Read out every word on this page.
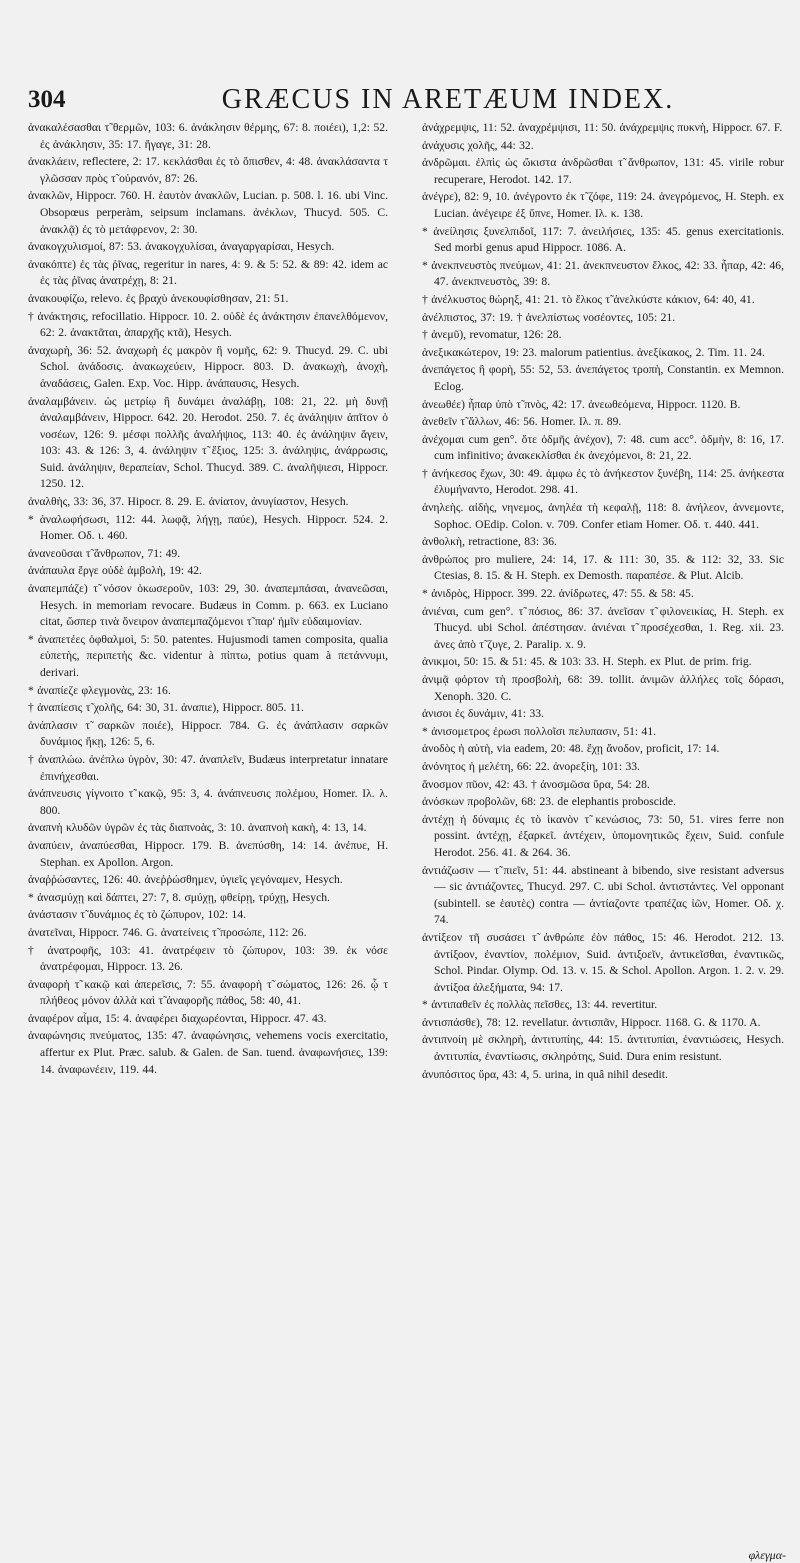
304	GRÆCUS IN ARETÆUM INDEX.

ἀνακαλέσασθαι τ̃ θερμῶν, 103: 6. ἀνάκλησιν θέρμης, 67: 8. ποιέει), 1,2: 52. ἐς ἀνάκλησιν, 35: 17. ἤγαγε, 31: 28.

ἀνακλάειν, reflectere, 2: 17. κεκλάσθαι ἐς τὸ ὄπισθεν, 4: 48. ἀνακλάσαντα τ̃ γλῶσσαν πρὸς τ̃ οὐρανόν, 87: 26.

ἀνακλῶν, Hippocr. 760. H. ἑαυτὸν ἀνακλῶν, Lucian. p. 508. l. 16. ubi Vinc. Obsopœus perperàm, seipsum inclamans. ἀνέκλων, Thucyd. 505. C. ἀνακλᾷ) ἐς τὸ μετάφρενον, 2: 30.

ἀνακογχυλισμοί, 87: 53. ἀνακογχυλίσαι, ἀναγαργαρίσαι, Hesych.

ἀνακόπτε) ἐς τὰς ῥῖνας, regeritur in nares, 4: 9. & 5: 52. & 89: 42. idem ac ἐς τὰς ῥῖνας ἀνατρέχῃ, 8: 21.

ἀνακουφίζω, relevo. ἐς βραχὺ ἀνεκουφίσθησαν, 21: 51.

† ἀνάκτησις, refocillatio. Hippocr. 10. 2. οὐδὲ ἐς ἀνάκτησιν ἐπανελθόμενον, 62: 2. ἀνακτᾶται, ἀπαρχῆς κτᾶ), Hesych.

ἀναχωρὴ, 36: 52. ἀναχωρὴ ἐς μακρὸν ἢ νομῆς, 62: 9. Thucyd. 29. C. ubi Schol. ἀνάδοσις. ἀνακωχεύειν, Hippocr. 803. D. ἀνακωχὴ, ἀνοχὴ, ἀναδάσεις, Galen. Exp. Voc. Hipp. ἀνάπαυσις, Hesych.

ἀναλαμβάνειν. ὡς μετρίῳ ἢ δυνάμει ἀναλάβῃ, 108: 21, 22. μὴ δυνῇ ἀναλαμβάνειν, Hippocr. 642. 20. Herodot. 250. 7. ἐς ἀνάληψιν ἀπῖτον ὁ νοσέων, 126: 9. μέσφι πολλῆς ἀναλήψιος, 113: 40. ἐς ἀνάληψιν ἄγειν, 103: 43. & 126: 3, 4. ἀνάληψιν τ̃ ἕξιος, 125: 3. ἀνάληψις, ἀνάρρωσις, Suid. ἀνάληψιν, θεραπείαν, Schol. Thucyd. 389. C. ἀναλῆψιεσι, Hippocr. 1250. 12.

ἀναλθὴς, 33: 36, 37. Hipocr. 8. 29. E. ἀνίατον, ἀνυγίαστον, Hesych.

* ἀναλωφήσωσι, 112: 44. λωφᾷ, λήγῃ, παύε), Hesych. Hippocr. 524. 2. Homer. Οδ. ι. 460.

ἀνανεοῦσαι τ̃ ἄνθρωπον, 71: 49.

ἀνάπαυλα ἔργε οὐδὲ ἀμβολὴ, 19: 42.

ἀναπεμπάζε) τ̃ νόσον ὁκωσεροῦν, 103: 29, 30. ἀναπεμπάσαι, ἀνανεῶσαι, Hesych. in memoriam revocare. Budæus in Comm. p. 663. ex Luciano citat, ὥσπερ τινὰ ὄνειρον ἀναπεμπαζόμενοι τ̃ παρ' ἡμῖν εὐδαιμονίαν.

* ἀναπετέες ὀφθαλμοὶ, 5: 50. patentes. Hujusmodi tamen composita, qualia εὐπετὴς, περιπετὴς &c. videntur à πίπτω, potius quam à πετάννυμι, derivari.

* ἀναπίεζε φλεγμονὰς, 23: 16.

† ἀναπίεσις τ̃ χολῆς, 64: 30, 31. ἀναπιε), Hippocr. 805. 11.

ἀνάπλασιν τ̃ σαρκῶν ποιέε), Hippocr. 784. G. ἐς ἀνάπλασιν σαρκῶν δυνάμιος ἥκῃ, 126: 5, 6.

† ἀναπλώω. ἀνέπλω ὑγρὸν, 30: 47. ἀναπλεῖν, Budæus interpretatur innatare ἐπινήχεσθαι.

ἀνάπνευσις γίγνοιτο τ̃ κακῷ, 95: 3, 4. ἀνάπνευσις πολέμου, Homer. Iλ. λ. 800.

ἀναπνὴ κλυδῶν ὑγρῶν ἐς τὰς διαπνοὰς, 3: 10. ἀναπνοὴ κακὴ, 4: 13, 14.

ἀναπύειν, ἀναπύεσθαι, Hippocr. 179. B. ἀνεπύσθη, 14: 14. ἀνέπυε, H. Stephan. ex Apollon. Argon.

ἀναῤῥώσαντες, 126: 40. ἀνεῤῥώσθημεν, ὑγιεῖς γεγόναμεν, Hesych.

* ἀνασμύχῃ καὶ δάπτει, 27: 7, 8. σμύχῃ, φθείρῃ, τρύχῃ, Hesych.

ἀνάστασιν τ̃ δυνάμιος ἐς τὸ ζώπυρον, 102: 14.

ἀνατεῖναι, Hippocr. 746. G. ἀνατείνεις τ̃ προσώπε, 112: 26.

† ἀνατροφῆς, 103: 41. ἀνατρέφειν τὸ ζώπυρον, 103: 39. ἐκ νόσε ἀνατρέφομαι, Hippocr. 13. 26.

ἀναφορὴ τ̃ κακῷ καὶ ἀπερεῖσις, 7: 55. ἀναφορὴ τ̃ σώματος, 126: 26. ᾧ τ̃ πλήθεος μόνον ἀλλὰ καὶ τ̃ ἀναφορῆς πάθος, 58: 40, 41.

ἀναφέρον αἷμα, 15: 4. ἀναφέρει διαχωρέονται, Hippocr. 47. 43.

ἀναφώνησις πνεύματος, 135: 47. ἀναφώνησις, vehemens vocis exercitatio, affertur ex Plut. Præc. salub. & Galen. de San. tuend. ἀναφωνήσιες, 139: 14. ἀναφωνέειν, 119. 44.

ἀνάχρεμψις, 11: 52. ἀναχρέμψισι, 11: 50. ἀνάχρεμψις πυκνὴ, Hippocr. 67. F.

ἀνάχυσις χολῆς, 44: 32.

ἀνδρῶμαι. ἐλπὶς ὡς ὤκιστα ἀνδρῶσθαι τ̃ ἄνθρωπον, 131: 45. virile robur recuperare, Herodot. 142. 17.

ἀνέγρε), 82: 9, 10. ἀνέγροντο ἐκ τ̃ ζόφε, 119: 24. ἀνεγρόμενος, H. Steph. ex Lucian. ἀνέγειρε ἐξ ὕπνε, Homer. Iλ. κ. 138.

* ἀνείλησις ξυνελπιδοῖ, 117: 7. ἀνειλήσιες, 135: 45. genus exercitationis. Sed morbi genus apud Hippocr. 1086. A.

* ἀνεκπνευστὸς πνεύμων, 41: 21. ἀνεκπνευστον ἕλκος, 42: 33. ἧπαρ, 42: 46, 47. ἀνεκπνευστὸς, 39: 8.

† ἀνέλκυστος θώρηξ, 41: 21. τὸ ἕλκος τ̃ ἀνελκύστε κάκιον, 64: 40, 41.

ἀνέλπιστος, 37: 19. † ἀνελπίστως νοσέοντες, 105: 21.

† ἀνεμῦ), revomatur, 126: 28.

ἀνεξικακώτερον, 19: 23. malorum patientius. ἀνεξίκακος, 2. Tim. 11. 24.

ἀνεπάγετος ἢ φορὴ, 55: 52, 53. ἀνεπάγετος τροπὴ, Constantin. ex Memnon. Eclog.

ἀνεωθέε) ἧπαρ ὑπὸ τ̃ πνὸς, 42: 17. ἀνεωθεόμενα, Hippocr. 1120. B.

ἀνεθεῖν τ̃ ἄλλων, 46: 56. Homer. Iλ. π. 89.

ἀνέχομαι cum gen°. ὅτε ὀδμῆς ἀνέχον), 7: 48. cum acc°. ὀδμὴν, 8: 16, 17. cum infinitivo; ἀνακεκλίσθαι ἐκ ἀνεχόμενοι, 8: 21, 22.

† ἀνήκεσος ἔχων, 30: 49. ἀμφω ἐς τὸ ἀνήκεστον ξυνέβη, 114: 25. ἀνήκεστα ἐλυμήναντο, Herodot. 298. 41.

ἀνηλεὴς. αἰδὴς, νηνεμος, ἀνηλέα τὴ κεφαλῇ, 118: 8. ἀνήλεον, ἀννεμοντε, Sophoc. OEdip. Colon. v. 709. Confer etiam Homer. Οδ. τ. 440. 441.

ἀνθολκὴ, retractione, 83: 36.

ἀνθρώπος pro muliere, 24: 14, 17. & 111: 30, 35. & 112: 32, 33. Sic Ctesias, 8. 15. & H. Steph. ex Demosth. παραπέσε. & Plut. Alcib.

* ἀνιδρὸς, Hippocr. 399. 22. ἀνίδρωτες, 47: 55. & 58: 45.

ἀνιέναι, cum gen°. τ̃ πόσιος, 86: 37. ἀνεῖσαν τ̃ φιλονεικίας, H. Steph. ex Thucyd. ubi Schol. ἀπέστησαν. ἀνιέναι τ̃ προσέχεσθαι, 1. Reg. xii. 23. ἀνες ἀπὸ τ̃ ζυγε, 2. Paralip. x. 9.

ἀνικμοι, 50: 15. & 51: 45. & 103: 33. H. Steph. ex Plut. de prim. frig.

ἀνιμᾷ φόρτον τὴ προσβολὴ, 68: 39. tollit. ἀνιμῶν ἀλλήλες τοῖς δόρασι, Xenoph. 320. C.

ἀνισοι ἐς δυνάμιν, 41: 33.

* ἀνισομετρος ἐρωσι πολλοῖσι πελυπασιν, 51: 41.

ἀνοδὸς ἡ αὐτὴ, via eadem, 20: 48. ἔχῃ ἄνοδον, proficit, 17: 14.

ἀνόνητος ἡ μελέτη, 66: 22. ἀνορεξίη, 101: 33.

ἄνοσμον πῦον, 42: 43. † ἀνοσμῶσα ὕρα, 54: 28.

ἀνόσκων προβολῶν, 68: 23. de elephantis proboscide.

ἀντέχῃ ἡ δύναμις ἐς τὸ ἱκανὸν τ̃ κενώσιος, 73: 50, 51. vires ferre non possint. ἀντέχῃ, ἐξαρκεῖ. ἀντέχειν, ὑπομονητικῶς ἔχειν, Suid. confule Herodot. 256. 41. & 264. 36.

ἀντιάζωσιν — τ̃ πιεῖν, 51: 44. abstineant à bibendo, sive resistant adversus — sic ἀντιάζοντες, Thucyd. 297. C. ubi Schol. ἀντιστάντες. Vel opponant (subintell. se ἑαυτὲς) contra — ἀντίαζοντε τραπέζας ἰῶν, Homer. Οδ. χ. 74.

ἀντίξεον τῆ συσάσει τ̃ ἀνθρώπε ἐὸν πάθος, 15: 46. Herodot. 212. 13. ἀντίξοον, ἐναντίον, πολέμιον, Suid. ἀντιξοεῖν, ἀντικεῖσθαι, ἐναντικῶς, Schol. Pindar. Olymp. Od. 13. v. 15. & Schol. Apollon. Argon. 1. 2. v. 29. ἀντίξοα ἀλεξήματα, 94: 17.

* ἀντιπαθεῖν ἐς πολλὰς πεῖσθες, 13: 44. revertitur.

ἀντισπάσθε), 78: 12. revellatur. ἀντισπᾶν, Hippocr. 1168. G. & 1170. A.

ἀντιπνοίη μὲ σκληρὴ, ἀντιτυπίης, 44: 15. ἀντιτυπίαι, ἐναντιώσεις, Hesych. ἀντιτυπία, ἐναντίωσις, σκληρότης, Suid. Dura enim resistunt.

ἀνυπόσιτος ὕρα, 43: 4, 5. urina, in quâ nihil desedit.

φλεγμα-
